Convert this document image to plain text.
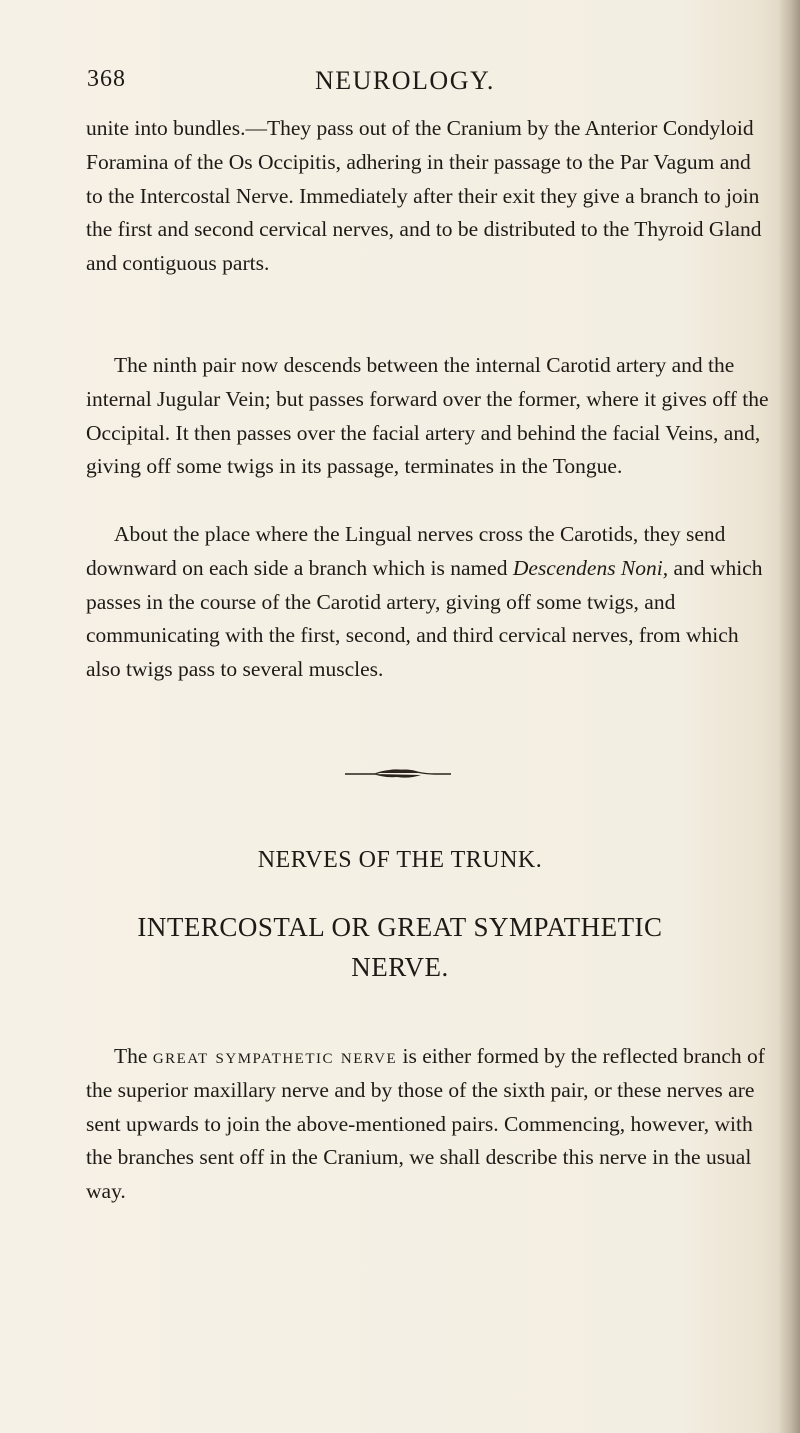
368	NEUROLOGY.

unite into bundles.—They pass out of the Cranium by the Anterior Condyloid Foramina of the Os Occipitis, adhering in their passage to the Par Vagum and to the Intercostal Nerve. Immediately after their exit they give a branch to join the first and second cervical nerves, and to be distributed to the Thyroid Gland and contiguous parts.

The ninth pair now descends between the internal Carotid artery and the internal Jugular Vein; but passes forward over the former, where it gives off the Occipital. It then passes over the facial artery and behind the facial Veins, and, giving off some twigs in its passage, terminates in the Tongue.

About the place where the Lingual nerves cross the Carotids, they send downward on each side a branch which is named Descendens Noni, and which passes in the course of the Carotid artery, giving off some twigs, and communicating with the first, second, and third cervical nerves, from which also twigs pass to several muscles.

NERVES OF THE TRUNK.
INTERCOSTAL OR GREAT SYMPATHETIC
NERVE.

The great sympathetic nerve is either formed by the reflected branch of the superior maxillary nerve and by those of the sixth pair, or these nerves are sent upwards to join the above-mentioned pairs. Commencing, however, with the branches sent off in the Cranium, we shall describe this nerve in the usual way.
